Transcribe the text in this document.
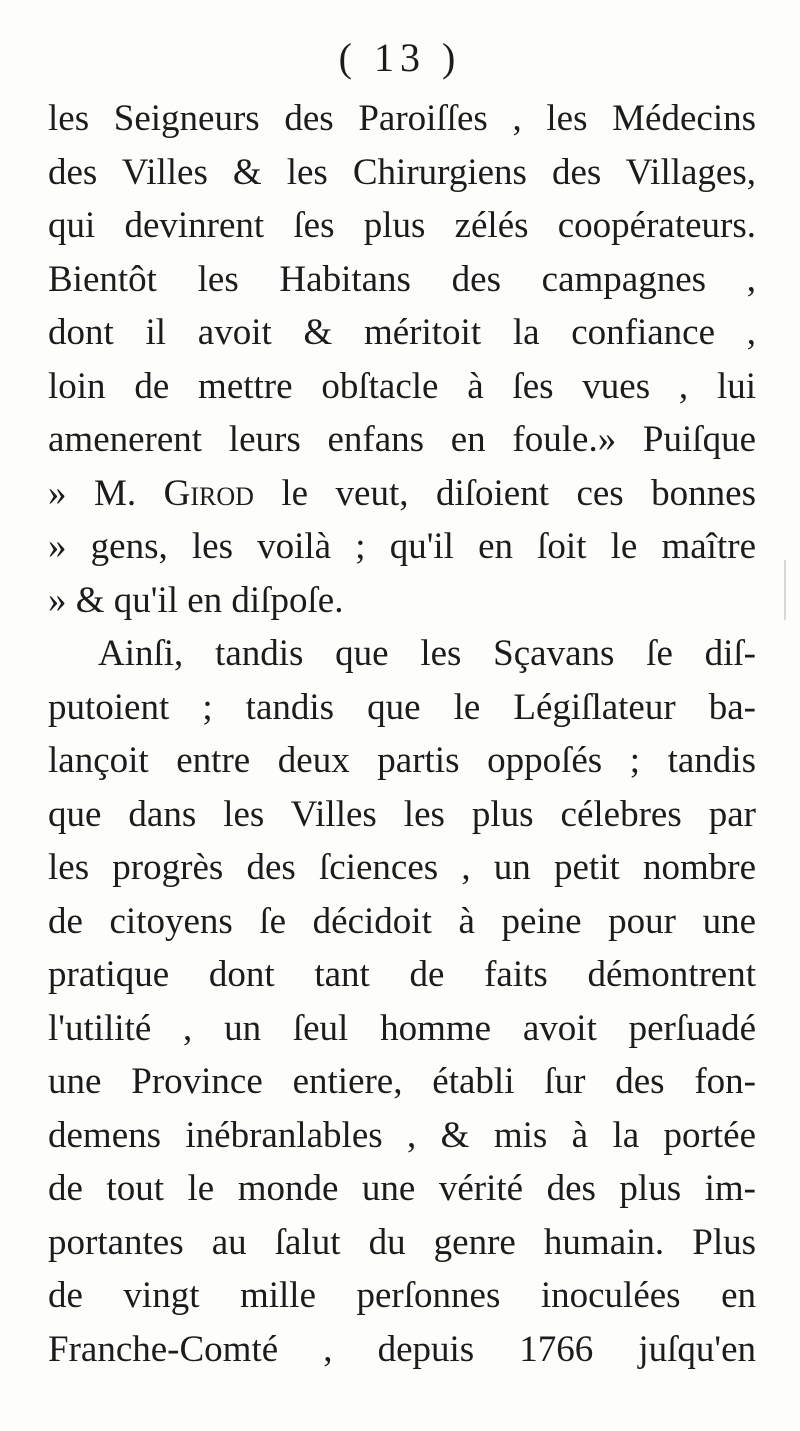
( 13 )
les Seigneurs des Paroiſſes , les Médecins
des Villes & les Chirurgiens des Villages,
qui devinrent ſes plus zélés coopérateurs.
Bientôt les Habitans des campagnes ,
dont il avoit & méritoit la confiance ,
loin de mettre obſtacle à ſes vues , lui
amenerent leurs enfans en foule.» Puiſque
» M. Girod le veut, diſoient ces bonnes
» gens, les voilà ; qu'il en ſoit le maître
» & qu'il en diſpoſe.
Ainſi, tandis que les Sçavans ſe diſ-
putoient ; tandis que le Légiſlateur ba-
lançoit entre deux partis oppoſés ; tandis
que dans les Villes les plus célebres par
les progrès des ſciences , un petit nombre
de citoyens ſe décidoit à peine pour une
pratique dont tant de faits démontrent
l'utilité , un ſeul homme avoit perſuadé
une Province entiere, établi ſur des fon-
demens inébranlables , & mis à la portée
de tout le monde une vérité des plus im-
portantes au ſalut du genre humain. Plus
de vingt mille perſonnes inoculées en
Franche-Comté , depuis 1766 juſqu'en
